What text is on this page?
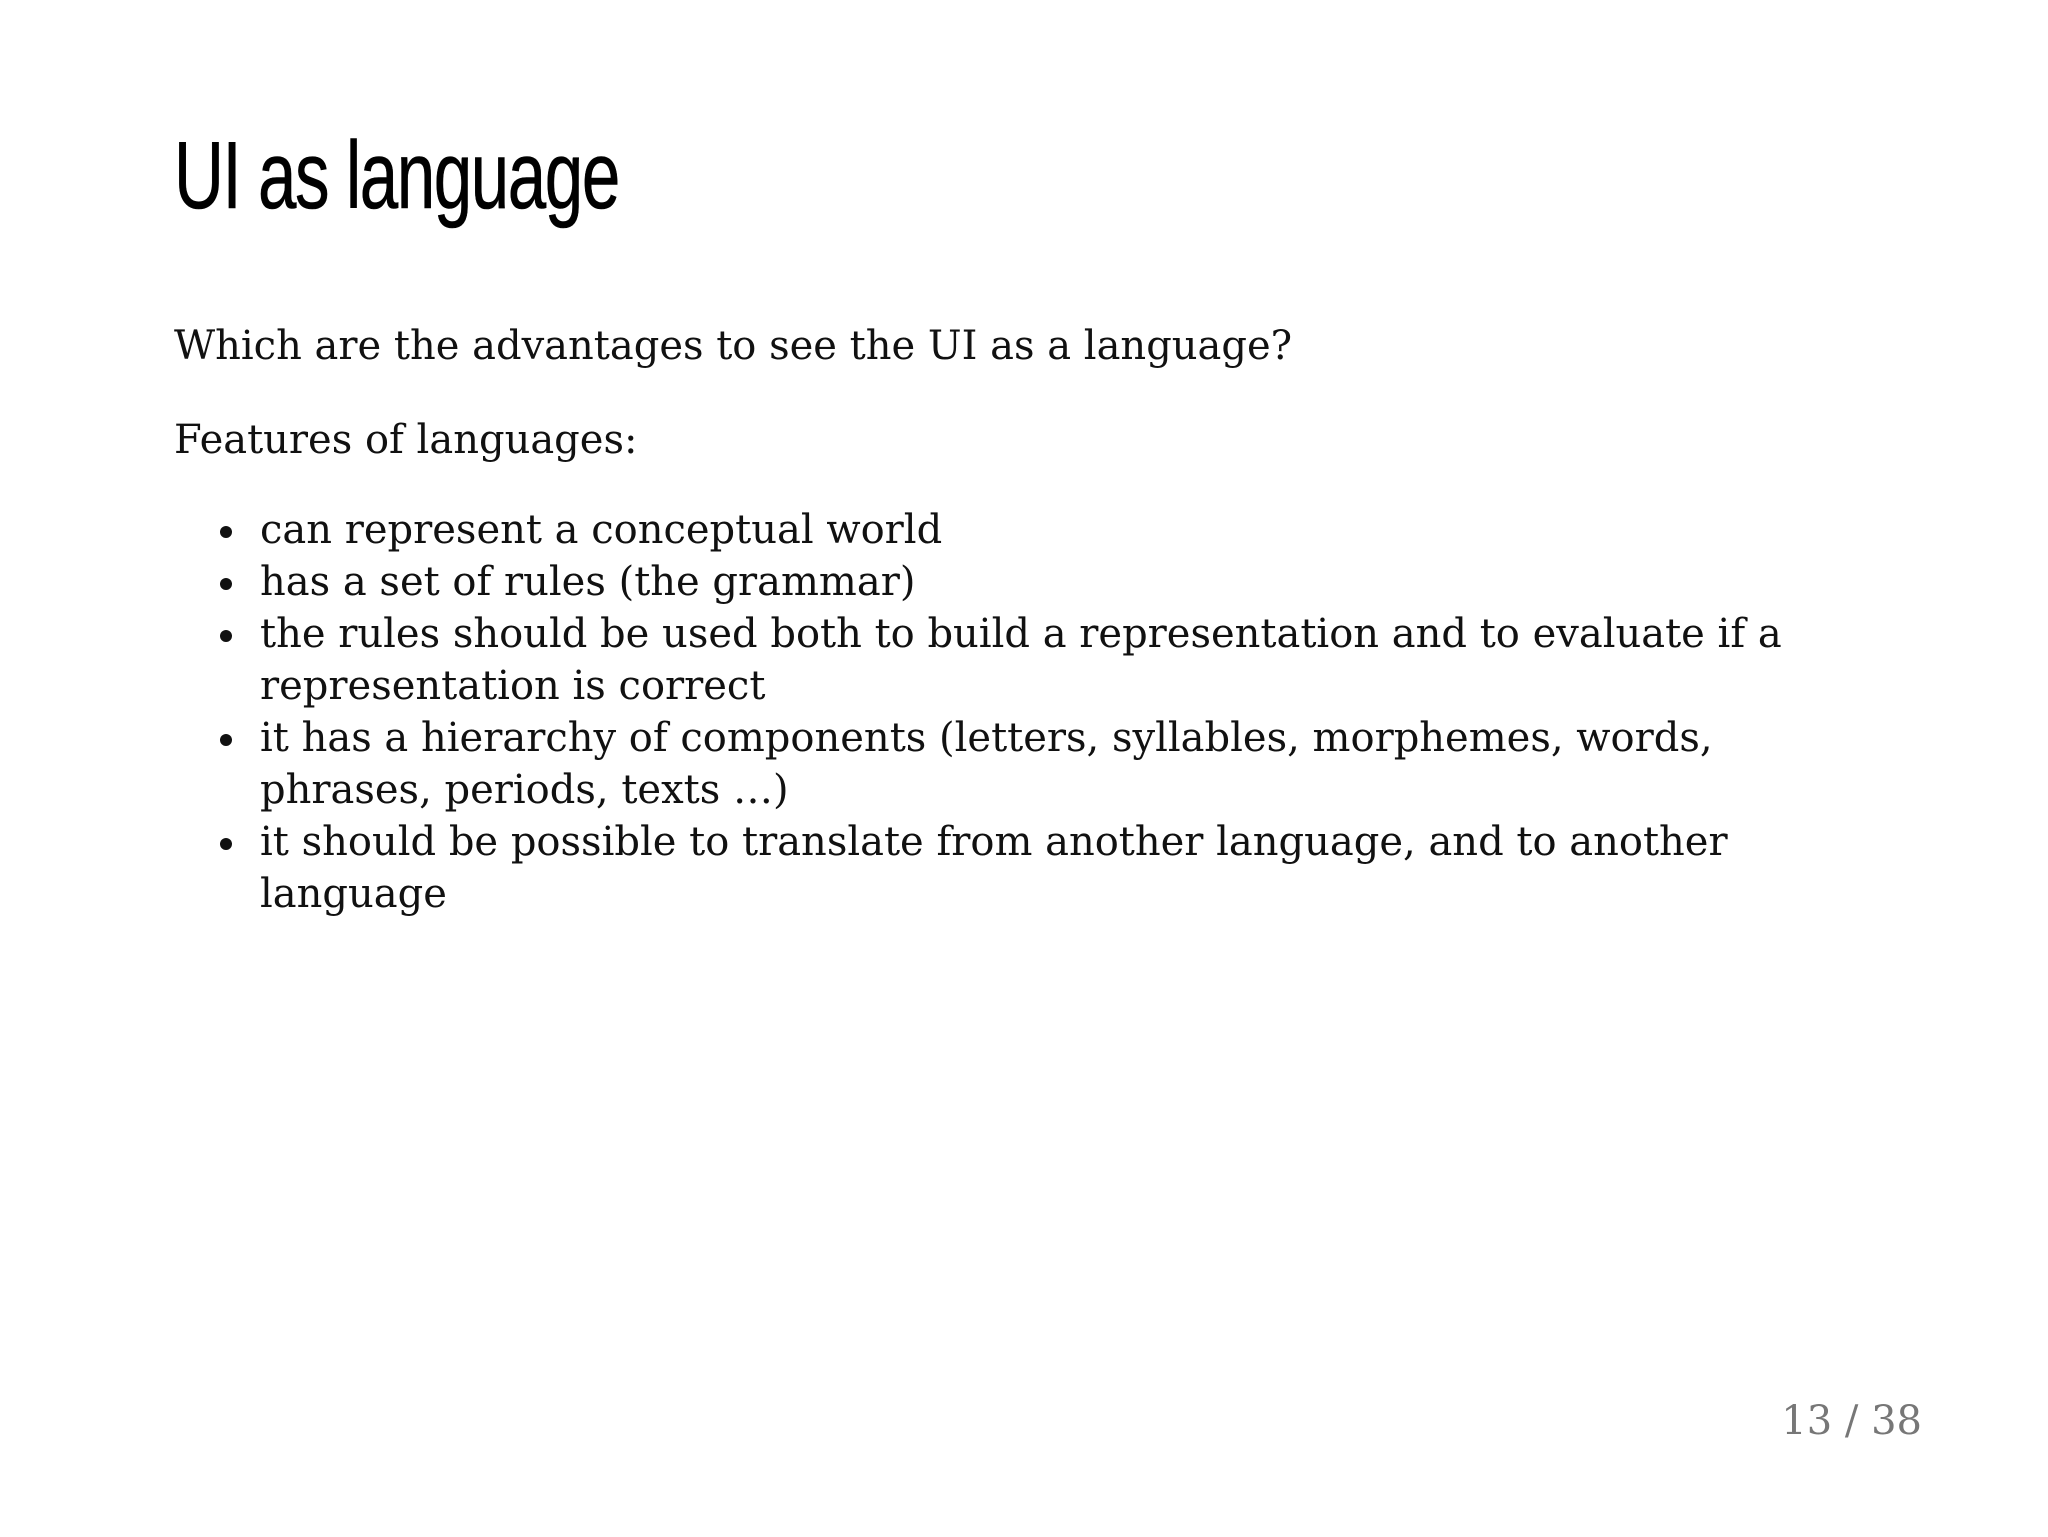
UI as language

Which are the advantages to see the UI as a language?

Features of languages:

can represent a conceptual world
has a set of rules (the grammar)
the rules should be used both to build a representation and to evaluate if a representation is correct
it has a hierarchy of components (letters, syllables, morphemes, words, phrases, periods, texts …)
it should be possible to translate from another language, and to another language
13 / 38
